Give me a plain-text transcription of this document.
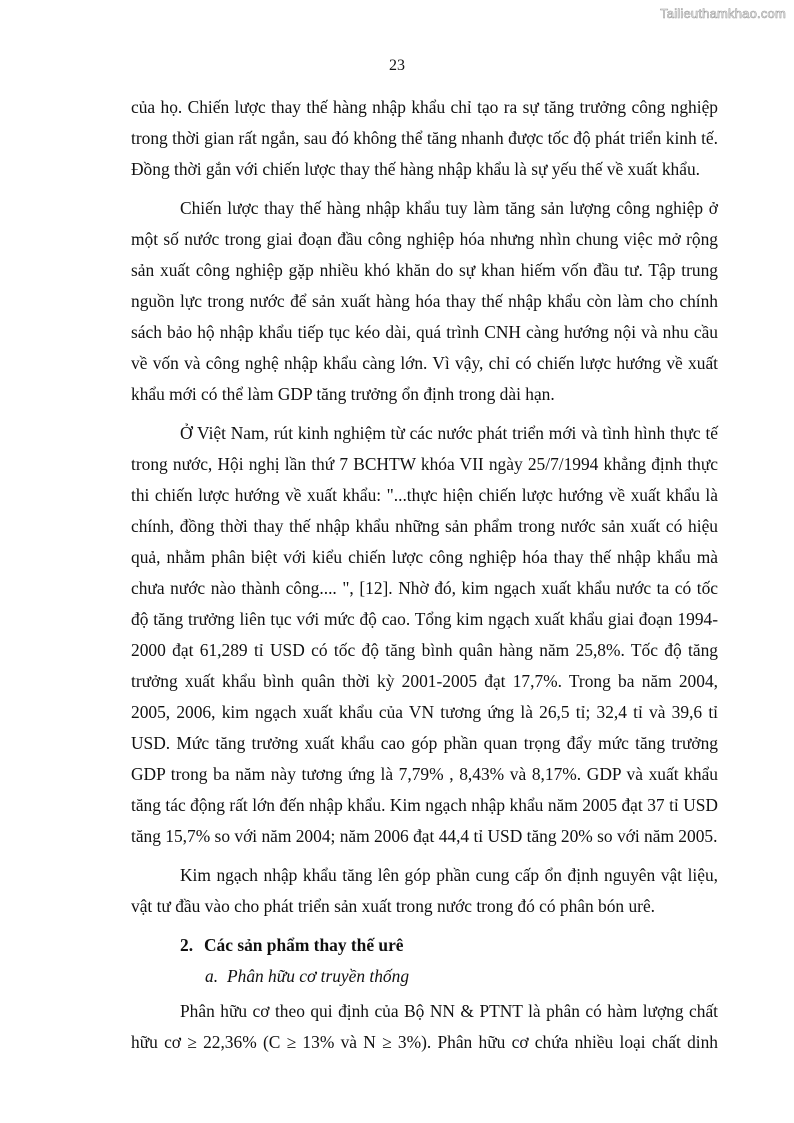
Tailieuthamkhao.com
23

của họ. Chiến lược thay thế hàng nhập khẩu chỉ tạo ra sự tăng trưởng công nghiệp trong thời gian rất ngắn, sau đó không thể tăng nhanh được tốc độ phát triển kinh tế. Đồng thời gắn với chiến lược thay thế hàng nhập khẩu là sự yếu thế về xuất khẩu.

Chiến lược thay thế hàng nhập khẩu tuy làm tăng sản lượng công nghiệp ở một số nước trong giai đoạn đầu công nghiệp hóa nhưng nhìn chung việc mở rộng sản xuất công nghiệp gặp nhiều khó khăn do sự khan hiếm vốn đầu tư. Tập trung nguồn lực trong nước để sản xuất hàng hóa thay thế nhập khẩu còn làm cho chính sách bảo hộ nhập khẩu tiếp tục kéo dài, quá trình CNH càng hướng nội và nhu cầu về vốn và công nghệ nhập khẩu càng lớn. Vì vậy, chỉ có chiến lược hướng về xuất khẩu mới có thể làm GDP tăng trưởng ổn định trong dài hạn.

Ở Việt Nam, rút kinh nghiệm từ các nước phát triển mới và tình hình thực tế trong nước, Hội nghị lần thứ 7 BCHTW khóa VII ngày 25/7/1994 khẳng định thực thi chiến lược hướng về xuất khẩu: "...thực hiện chiến lược hướng về xuất khẩu là chính, đồng thời thay thế nhập khẩu những sản phẩm trong nước sản xuất có hiệu quả, nhằm phân biệt với kiểu chiến lược công nghiệp hóa thay thế nhập khẩu mà chưa nước nào thành công.... ", [12]. Nhờ đó, kim ngạch xuất khẩu nước ta có tốc độ tăng trưởng liên tục với mức độ cao. Tổng kim ngạch xuất khẩu giai đoạn 1994-2000 đạt 61,289 tỉ USD có tốc độ tăng bình quân hàng năm 25,8%. Tốc độ tăng trưởng xuất khẩu bình quân thời kỳ 2001-2005 đạt 17,7%. Trong ba năm 2004, 2005, 2006, kim ngạch xuất khẩu của VN tương ứng là 26,5 tỉ; 32,4 tỉ và 39,6 tỉ USD. Mức tăng trưởng xuất khẩu cao góp phần quan trọng đẩy mức tăng trưởng GDP trong ba năm này tương ứng là 7,79% , 8,43% và 8,17%. GDP và xuất khẩu tăng tác động rất lớn đến nhập khẩu. Kim ngạch nhập khẩu năm 2005 đạt 37 tỉ USD tăng 15,7% so với năm 2004; năm 2006 đạt 44,4 tỉ USD tăng 20% so với năm 2005.

Kim ngạch nhập khẩu tăng lên góp phần cung cấp ổn định nguyên vật liệu, vật tư đầu vào cho phát triển sản xuất trong nước trong đó có phân bón urê.

2. Các sản phẩm thay thế urê
a. Phân hữu cơ truyền thống

Phân hữu cơ theo qui định của Bộ NN & PTNT là phân có hàm lượng chất hữu cơ ≥ 22,36% (C ≥ 13% và N ≥ 3%). Phân hữu cơ chứa nhiều loại chất dinh
